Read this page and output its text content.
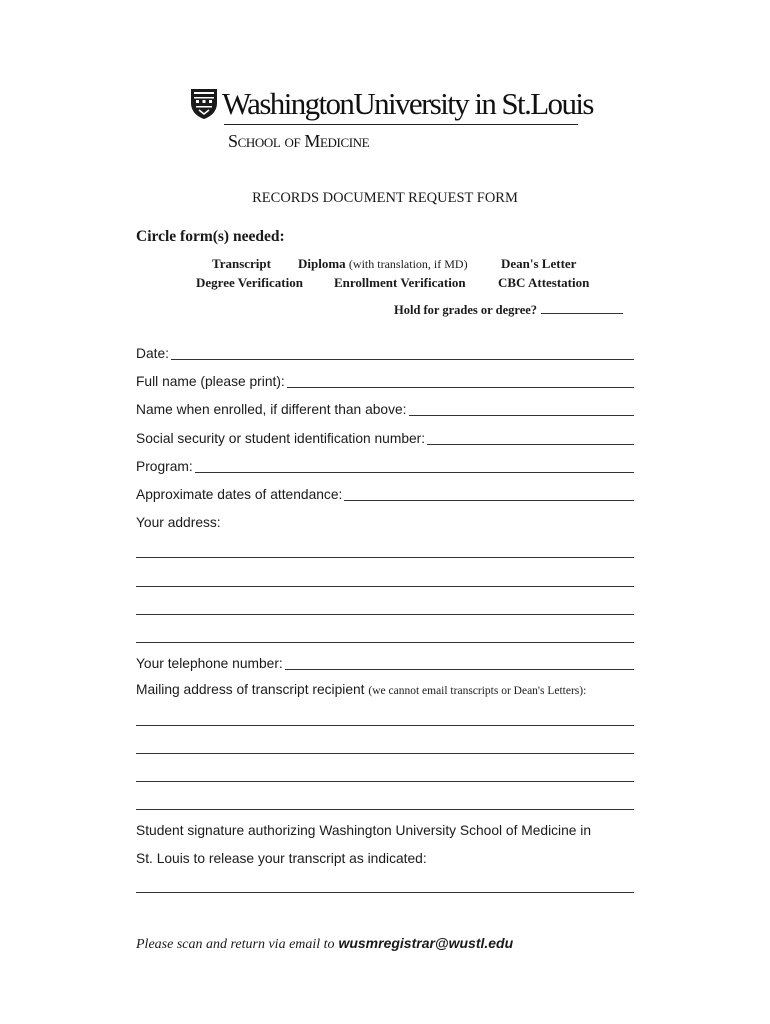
WashingtonUniversity in St.Louis
School of Medicine
RECORDS DOCUMENT REQUEST FORM
Circle form(s) needed:
Transcript Diploma (with translation, if MD)	Dean's Letter
Degree Verification Enrollment Verification CBC Attestation
Hold for grades or degree?
Date:
Full name (please print):
Name when enrolled, if different than above:
Social security or student identification number:
Program:
Approximate dates of attendance:
Your address:
Your telephone number:
Mailing address of transcript recipient (we cannot email transcripts or Dean's Letters):
Student signature authorizing Washington University School of Medicine in
St. Louis to release your transcript as indicated:
Please scan and return via email to wusmregistrar@wustl.edu
